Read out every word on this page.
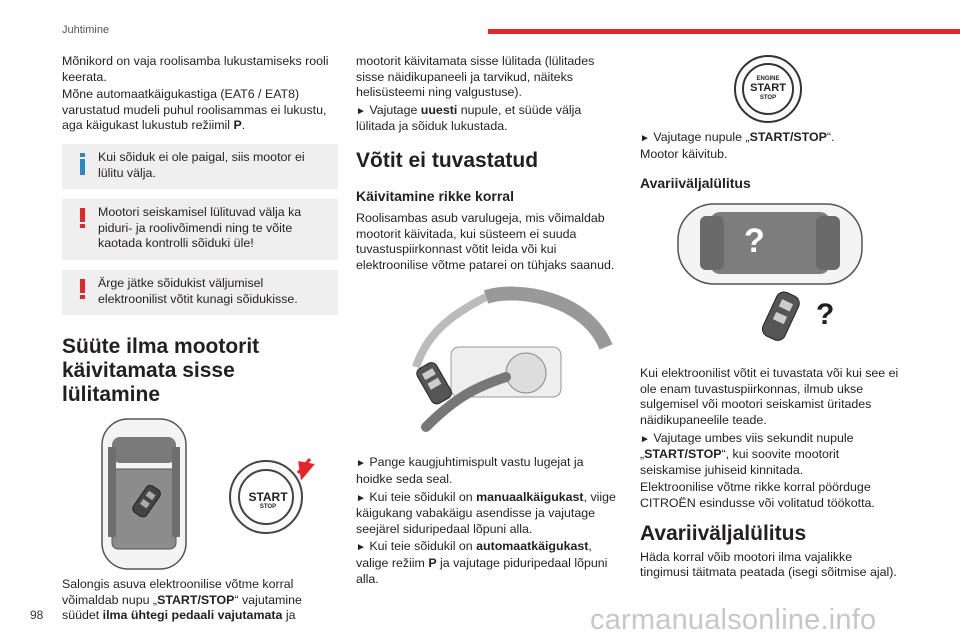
Juhtimine

Mõnikord on vaja roolisamba lukustamiseks rooli keerata.

Mõne automaatkäigukastiga (EAT6 / EAT8) varustatud mudeli puhul roolisammas ei lukustu, aga käigukast lukustub režiimil P.

Kui sõiduk ei ole paigal, siis mootor ei lülitu välja.
Mootori seiskamisel lülituvad välja ka piduri- ja roolivõimendi ning te võite kaotada kontrolli sõiduki üle!
Ärge jätke sõidukist väljumisel elektroonilist võtit kunagi sõidukisse.
Süüte ilma mootorit käivitamata sisse lülitamine
START
STOP

Salongis asuva elektroonilise võtme korral võimaldab nupu „START/STOP“ vajutamine süüdet ilma ühtegi pedaali vajutamata ja

mootorit käivitamata sisse lülitada (lülitades sisse näidikupaneeli ja tarvikud, näiteks helisüsteemi ning valgustuse).

► Vajutage uuesti nupule, et süüde välja lülitada ja sõiduk lukustada.

Võtit ei tuvastatud
Käivitamine rikke korral

Roolisambas asub varulugeja, mis võimaldab mootorit käivitada, kui süsteem ei suuda tuvastuspiirkonnast võtit leida või kui elektroonilise võtme patarei on tühjaks saanud.

► Pange kaugjuhtimispult vastu lugejat ja hoidke seda seal.

► Kui teie sõidukil on manuaalkäigukast, viige käigukang vabakäigu asendisse ja vajutage seejärel siduripedaal lõpuni alla.

► Kui teie sõidukil on automaatkäigukast, valige režiim P ja vajutage piduripedaal lõpuni alla.

ENGINE
START
STOP

► Vajutage nupule „START/STOP“.
Mootor käivitub.

Avariiväljalülitus
?
?

Kui elektroonilist võtit ei tuvastata või kui see ei ole enam tuvastuspiirkonnas, ilmub ukse sulgemisel või mootori seiskamist üritades näidikupaneelile teade.

► Vajutage umbes viis sekundit nupule „START/STOP“, kui soovite mootorit seiskamise juhiseid kinnitada.

Elektroonilise võtme rikke korral pöörduge CITROËN esindusse või volitatud töökotta.

Avariiväljalülitus

Häda korral võib mootori ilma vajalikke tingimusi täitmata peatada (isegi sõitmise ajal).

98	carmanualsonline.info
